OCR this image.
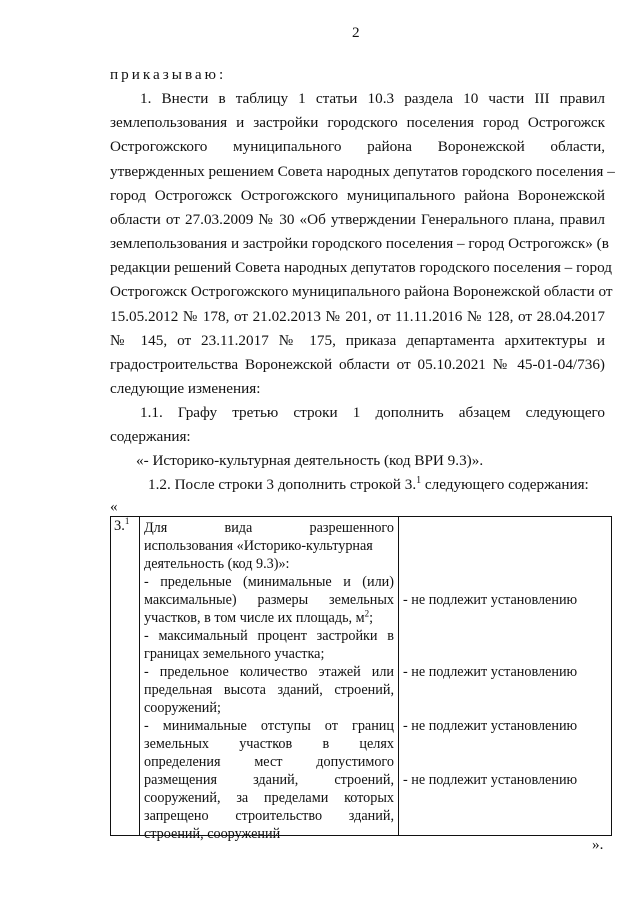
2
приказываю:
1. Внести в таблицу 1 статьи 10.3 раздела 10 части III правил
землепользования и застройки городского поселения город Острогожск
Острогожского муниципального района Воронежской области,
утвержденных решением Совета народных депутатов городского поселения –
город Острогожск Острогожского муниципального района Воронежской
области от 27.03.2009 № 30 «Об утверждении Генерального плана, правил
землепользования и застройки городского поселения – город Острогожск» (в
редакции решений Совета народных депутатов городского поселения – город
Острогожск Острогожского муниципального района Воронежской области от
15.05.2012 № 178, от 21.02.2013 № 201, от 11.11.2016 № 128, от 28.04.2017
№ 145, от 23.11.2017 № 175, приказа департамента архитектуры и
градостроительства Воронежской области от 05.10.2021 № 45-01-04/736)
следующие изменения:
1.1. Графу третью строки 1 дополнить абзацем следующего
содержания:
«- Историко-культурная деятельность (код ВРИ 9.3)».
1.2. После строки 3 дополнить строкой 3.$^1$ следующего содержания:
«
3.$^1$ Для вида разрешенного
использования «Историко-культурная
деятельность (код 9.3)»:
- предельные (минимальные и (или)
максимальные) размеры земельных
участков, в том числе их площадь, $м^2$;
- максимальный процент застройки в
границах земельного участка;
- предельное количество этажей или
предельная высота зданий, строений,
сооружений;
- минимальные отступы от границ
земельных участков в целях
определения мест допустимого
размещения зданий, строений,
сооружений, за пределами которых
запрещено строительство зданий,
строений, сооружений
- не подлежит установлению
- не подлежит установлению
- не подлежит установлению
- не подлежит установлению
».
